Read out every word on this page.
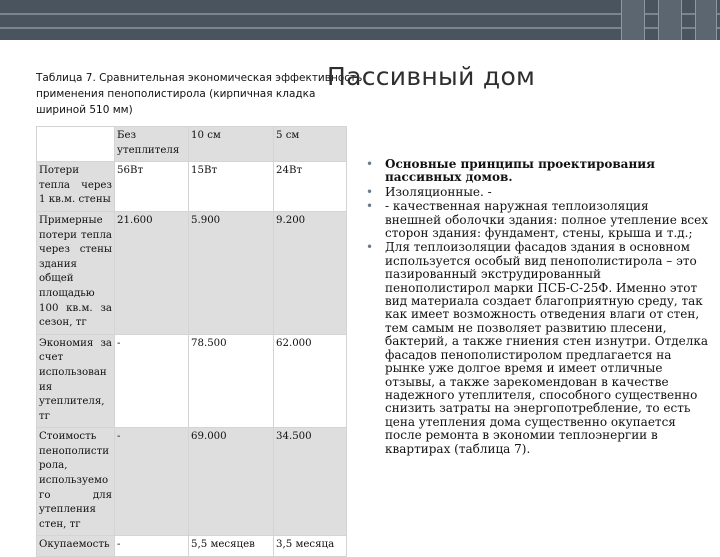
Таблица 7. Сравнительная экономическая эффективность применения пенополистирола (кирпичная кладка шириной 510 мм)
Пассивный дом
	Без утеплителя	10 см	5 см
Потери тепла через 1 кв.м. стены	56Вт	15Вт	24Вт
Примерные потери тепла через стены здания общей площадью 100 кв.м. за сезон, тг	21.600	5.900	9.200
Экономия за счет использования утеплителя, тг	-	78.500	62.000
Стоимость пенополистирола, используемого для утепления стен, тг	-	69.000	34.500
Окупаемость	-	5,5 месяцев	3,5 месяца
• Основные принципы проектирования пассивных домов.
• Изоляционные. -
• - качественная наружная теплоизоляция внешней оболочки здания: полное утепление всех сторон здания: фундамент, стены, крыша и т.д.;
• Для теплоизоляции фасадов здания в основном используется особый вид пенополистирола – это пазированный экструдированный пенополистирол марки ПСБ-С-25Ф. Именно этот вид материала создает благоприятную среду, так как имеет возможность отведения влаги от стен, тем самым не позволяет развитию плесени, бактерий, а также гниения стен изнутри. Отделка фасадов пенополистиролом предлагается на рынке уже долгое время и имеет отличные отзывы, а также зарекомендован в качестве надежного утеплителя, способного существенно снизить затраты на энергопотребление, то есть цена утепления дома существенно окупается после ремонта в экономии теплоэнергии в квартирах (таблица 7).
